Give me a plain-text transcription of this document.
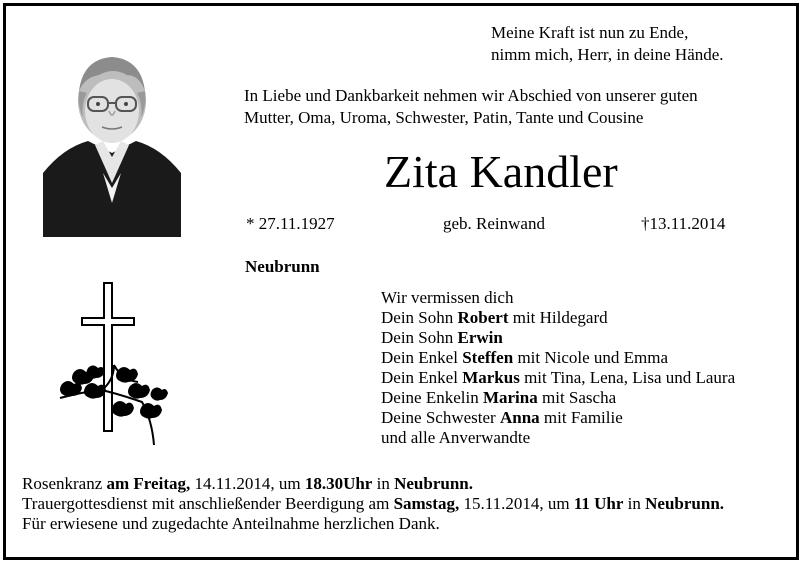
Meine Kraft ist nun zu Ende,
nimm mich, Herr, in deine Hände.
In Liebe und Dankbarkeit nehmen wir Abschied von unserer guten
Mutter, Oma, Uroma, Schwester, Patin, Tante und Cousine
Zita Kandler
* 27.11.1927	geb. Reinwand	†13.11.2014
Neubrunn
Wir vermissen dich
Dein Sohn Robert mit Hildegard
Dein Sohn Erwin
Dein Enkel Steffen mit Nicole und Emma
Dein Enkel Markus mit Tina, Lena, Lisa und Laura
Deine Enkelin Marina mit Sascha
Deine Schwester Anna mit Familie
und alle Anverwandte
Rosenkranz am Freitag, 14.11.2014, um 18.30Uhr in Neubrunn.
Trauergottesdienst mit anschließender Beerdigung am Samstag, 15.11.2014, um 11 Uhr in Neubrunn.
Für erwiesene und zugedachte Anteilnahme herzlichen Dank.
